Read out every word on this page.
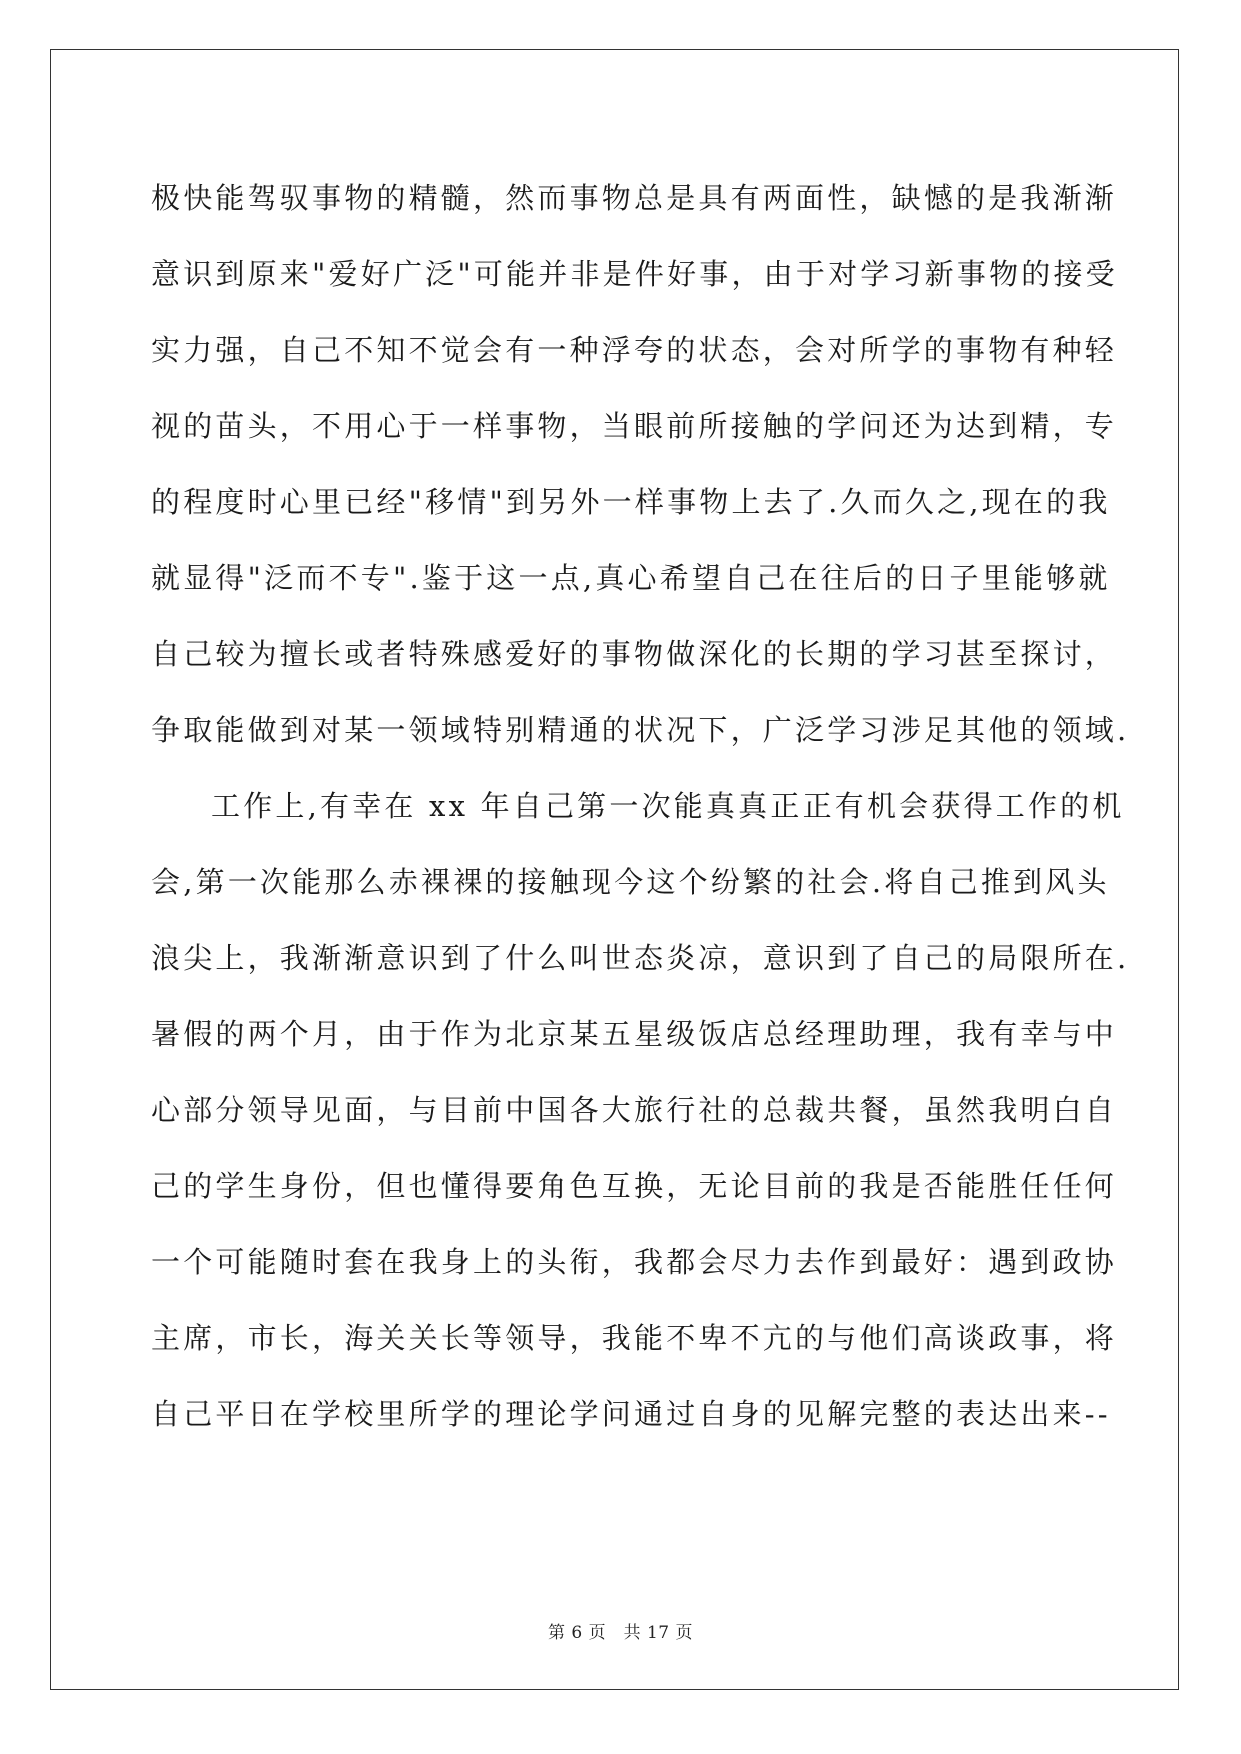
极快能驾驭事物的精髓，然而事物总是具有两面性，缺憾的是我渐渐
意识到原来"爱好广泛"可能并非是件好事，由于对学习新事物的接受
实力强，自己不知不觉会有一种浮夸的状态，会对所学的事物有种轻
视的苗头，不用心于一样事物，当眼前所接触的学问还为达到精，专
的程度时心里已经"移情"到另外一样事物上去了.久而久之,现在的我
就显得"泛而不专".鉴于这一点,真心希望自己在往后的日子里能够就
自己较为擅长或者特殊感爱好的事物做深化的长期的学习甚至探讨，
争取能做到对某一领域特别精通的状况下，广泛学习涉足其他的领域.
工作上,有幸在 xx 年自己第一次能真真正正有机会获得工作的机
会,第一次能那么赤裸裸的接触现今这个纷繁的社会.将自己推到风头
浪尖上，我渐渐意识到了什么叫世态炎凉，意识到了自己的局限所在.
暑假的两个月，由于作为北京某五星级饭店总经理助理，我有幸与中
心部分领导见面，与目前中国各大旅行社的总裁共餐，虽然我明白自
己的学生身份，但也懂得要角色互换，无论目前的我是否能胜任任何
一个可能随时套在我身上的头衔，我都会尽力去作到最好：遇到政协
主席，市长，海关关长等领导，我能不卑不亢的与他们高谈政事，将
自己平日在学校里所学的理论学问通过自身的见解完整的表达出来--
第 6 页　共 17 页
